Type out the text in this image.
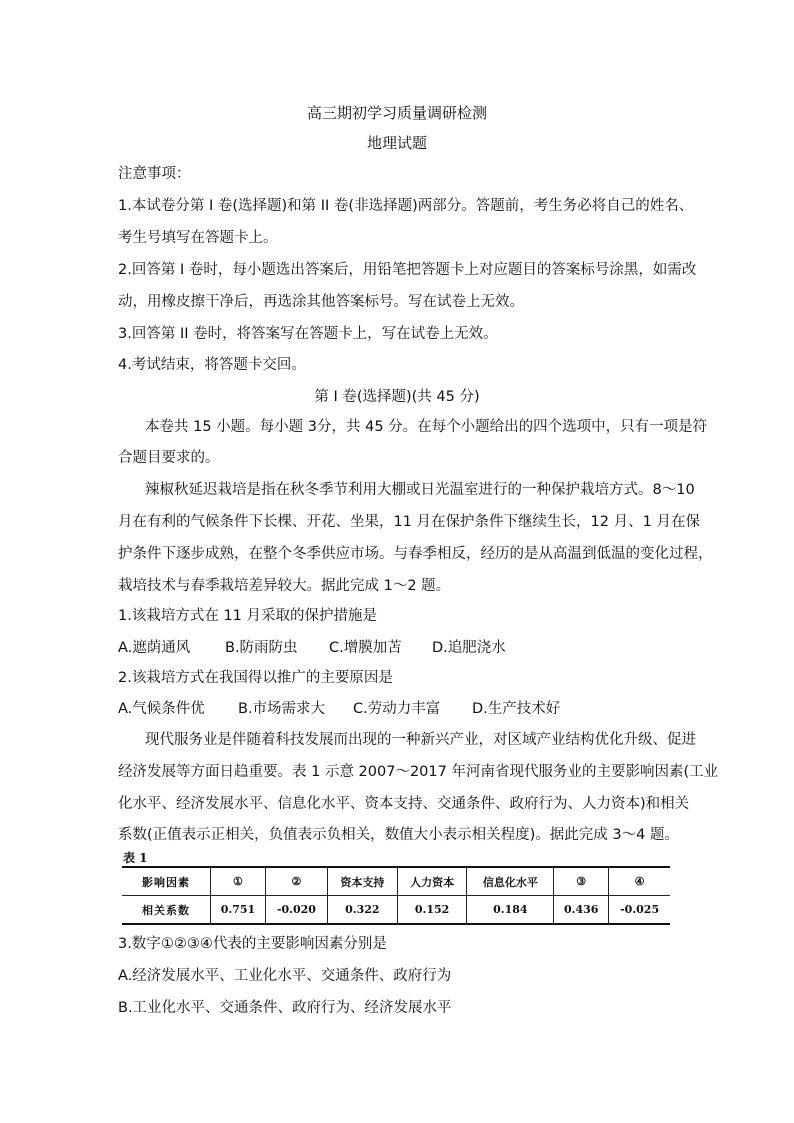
高三期初学习质量调研检测
地理试题
注意事项：
1.本试卷分第 I 卷(选择题)和第 II 卷(非选择题)两部分。答题前，考生务必将自己的姓名、
考生号填写在答题卡上。
2.回答第 I 卷时，每小题选出答案后，用铅笔把答题卡上对应题目的答案标号涂黑，如需改
动，用橡皮擦干净后，再选涂其他答案标号。写在试卷上无效。
3.回答第 II 卷时，将答案写在答题卡上，写在试卷上无效。
4.考试结束，将答题卡交回。
第 I 卷(选择题)(共 45 分)
本卷共 15 小题。每小题 3分，共 45 分。在每个小题给出的四个选项中，只有一项是符
合题目要求的。
辣椒秋延迟栽培是指在秋冬季节利用大棚或日光温室进行的一种保护栽培方式。8～10
月在有利的气候条件下长棵、开花、坐果，11 月在保护条件下继续生长，12 月、1 月在保
护条件下逐步成熟，在整个冬季供应市场。与春季相反，经历的是从高温到低温的变化过程，
栽培技术与春季栽培差异较大。据此完成 1～2 题。
1.该栽培方式在 11 月采取的保护措施是
A.遮荫通风 B.防雨防虫 C.增膜加苫 D.追肥浇水
2.该栽培方式在我国得以推广的主要原因是
A.气候条件优 B.市场需求大 C.劳动力丰富 D.生产技术好
现代服务业是伴随着科技发展而出现的一种新兴产业，对区域产业结构优化升级、促进
经济发展等方面日趋重要。表 1 示意 2007～2017 年河南省现代服务业的主要影响因素(工业
化水平、经济发展水平、信息化水平、资本支持、交通条件、政府行为、人力资本)和相关
系数(正值表示正相关，负值表示负相关，数值大小表示相关程度)。据此完成 3～4 题。
表 1
影响因素	①	②	资本支持	人力资本	信息化水平	③	④
相关系数	0.751	-0.020	0.322	0.152	0.184	0.436	-0.025
3.数字①②③④代表的主要影响因素分别是
A.经济发展水平、工业化水平、交通条件、政府行为
B.工业化水平、交通条件、政府行为、经济发展水平
